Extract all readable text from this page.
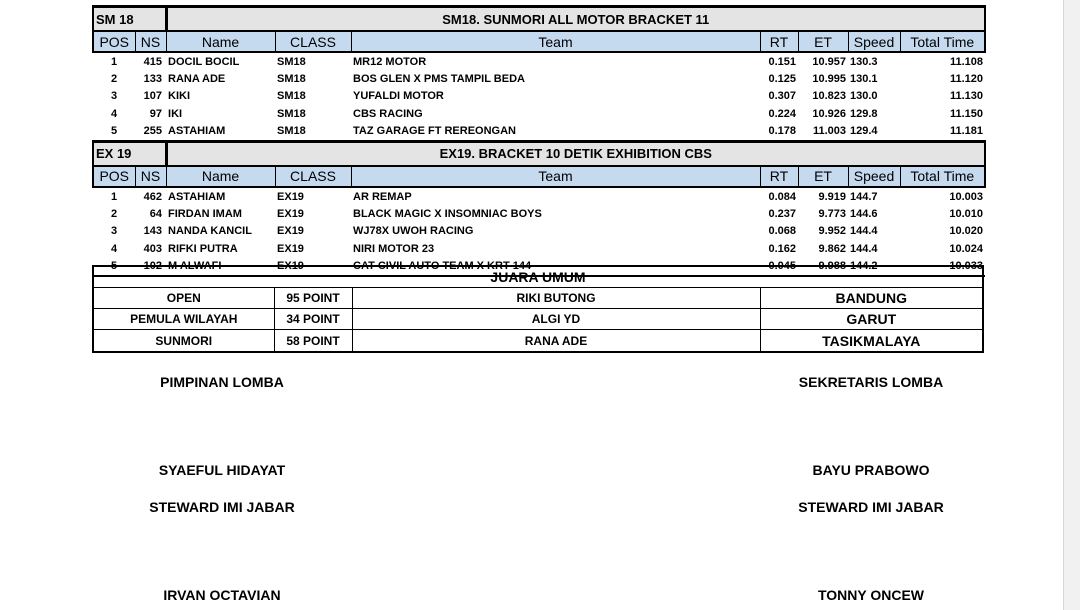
SM 18		SM18. SUNMORI ALL MOTOR BRACKET 11						
POS	NS	Name	CLASS	Team	RT	ET	Speed	Total Time
1	415	DOCIL BOCIL	SM18	MR12 MOTOR	0.151	10.957	130.3	11.108
2	133	RANA ADE	SM18	BOS GLEN X PMS TAMPIL BEDA	0.125	10.995	130.1	11.120
3	107	KIKI	SM18	YUFALDI MOTOR	0.307	10.823	130.0	11.130
4	97	IKI	SM18	CBS RACING	0.224	10.926	129.8	11.150
5	255	ASTAHIAM	SM18	TAZ GARAGE FT REREONGAN	0.178	11.003	129.4	11.181
EX 19		EX19. BRACKET 10 DETIK EXHIBITION CBS						
POS	NS	Name	CLASS	Team	RT	ET	Speed	Total Time
1	462	ASTAHIAM	EX19	AR REMAP	0.084	9.919	144.7	10.003
2	64	FIRDAN IMAM	EX19	BLACK MAGIC X INSOMNIAC BOYS	0.237	9.773	144.6	10.010
3	143	NANDA KANCIL	EX19	WJ78X UWOH RACING	0.068	9.952	144.4	10.020
4	403	RIFKI PUTRA	EX19	NIRI MOTOR 23	0.162	9.862	144.4	10.024
5	102	M ALWAFI	EX19	CAT CIVIL AUTO TEAM X KRT 144	0.045	9.988	144.2	10.033
JUARA UMUM
OPEN	95 POINT	RIKI BUTONG	BANDUNG
PEMULA WILAYAH	34 POINT	ALGI YD	GARUT
SUNMORI	58 POINT	RANA ADE	TASIKMALAYA
PIMPINAN LOMBA	SEKRETARIS LOMBA
SYAEFUL HIDAYAT	BAYU PRABOWO
STEWARD IMI JABAR	STEWARD IMI JABAR
IRVAN OCTAVIAN	TONNY ONCEW
